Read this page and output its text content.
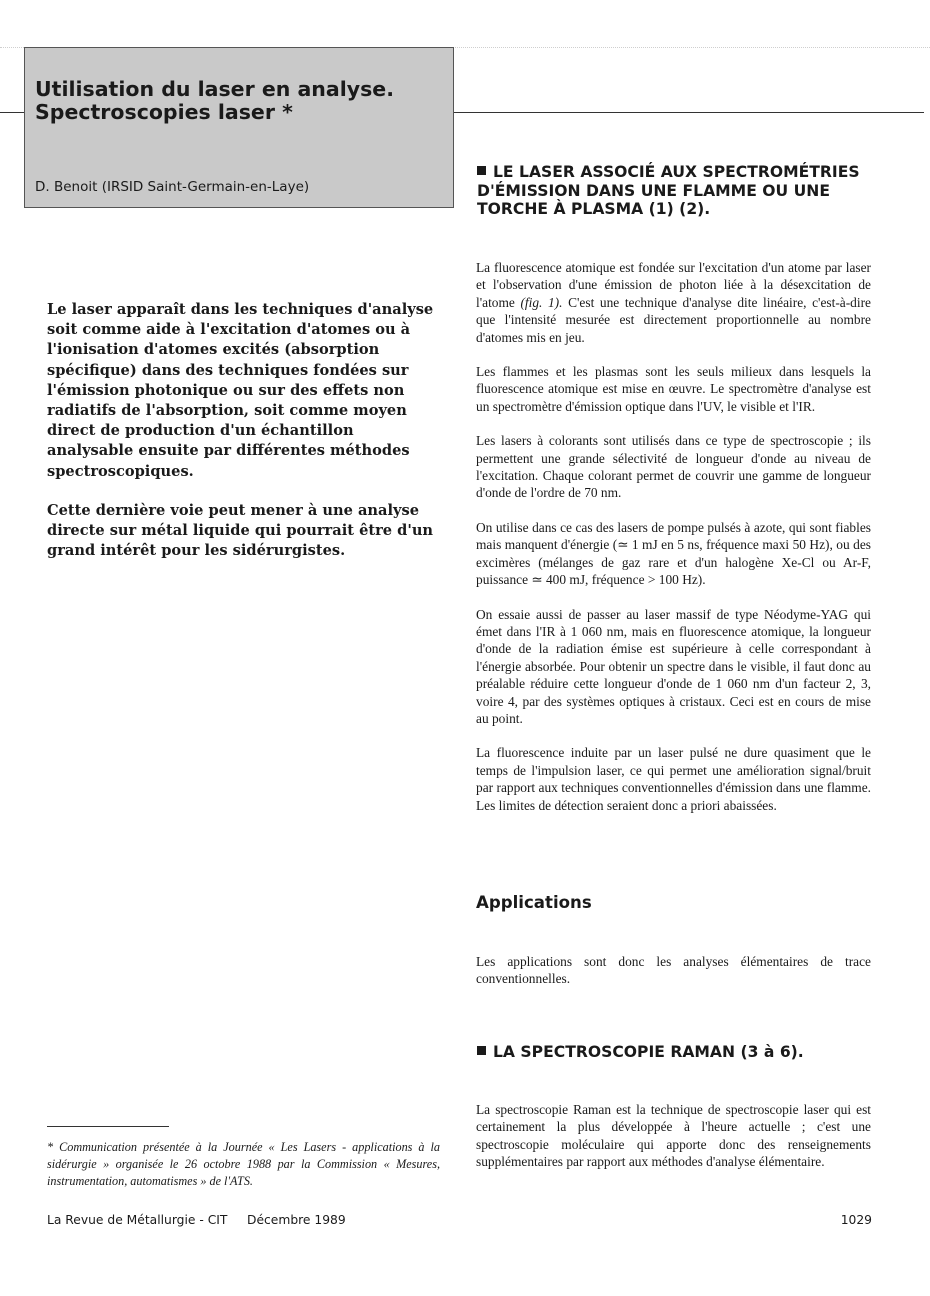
Utilisation du laser en analyse.
Spectroscopies laser *
D. Benoit (IRSID Saint-Germain-en-Laye)

Le laser apparaît dans les techniques d'analyse soit comme aide à l'excitation d'atomes ou à l'ionisation d'atomes excités (absorption spécifique) dans des techniques fondées sur l'émission photonique ou sur des effets non radiatifs de l'absorption, soit comme moyen direct de production d'un échantillon analysable ensuite par différentes méthodes spectroscopiques.

Cette dernière voie peut mener à une analyse directe sur métal liquide qui pourrait être d'un grand intérêt pour les sidérurgistes.

LE LASER ASSOCIÉ AUX SPECTROMÉTRIES D'ÉMISSION DANS UNE FLAMME OU UNE TORCHE À PLASMA (1) (2).

La fluorescence atomique est fondée sur l'excitation d'un atome par laser et l'observation d'une émission de photon liée à la désexcitation de l'atome (fig. 1). C'est une technique d'analyse dite linéaire, c'est-à-dire que l'intensité mesurée est directement proportionnelle au nombre d'atomes mis en jeu.

Les flammes et les plasmas sont les seuls milieux dans lesquels la fluorescence atomique est mise en œuvre. Le spectromètre d'analyse est un spectromètre d'émission optique dans l'UV, le visible et l'IR.

Les lasers à colorants sont utilisés dans ce type de spectroscopie ; ils permettent une grande sélectivité de longueur d'onde au niveau de l'excitation. Chaque colorant permet de couvrir une gamme de longueur d'onde de l'ordre de 70 nm.

On utilise dans ce cas des lasers de pompe pulsés à azote, qui sont fiables mais manquent d'énergie (≃ 1 mJ en 5 ns, fréquence maxi 50 Hz), ou des excimères (mélanges de gaz rare et d'un halogène Xe-Cl ou Ar-F, puissance ≃ 400 mJ, fréquence > 100 Hz).

On essaie aussi de passer au laser massif de type Néodyme-YAG qui émet dans l'IR à 1 060 nm, mais en fluorescence atomique, la longueur d'onde de la radiation émise est supérieure à celle correspondant à l'énergie absorbée. Pour obtenir un spectre dans le visible, il faut donc au préalable réduire cette longueur d'onde de 1 060 nm d'un facteur 2, 3, voire 4, par des systèmes optiques à cristaux. Ceci est en cours de mise au point.

La fluorescence induite par un laser pulsé ne dure quasiment que le temps de l'impulsion laser, ce qui permet une amélioration signal/bruit par rapport aux techniques conventionnelles d'émission dans une flamme. Les limites de détection seraient donc a priori abaissées.

Applications

Les applications sont donc les analyses élémentaires de trace conventionnelles.

LA SPECTROSCOPIE RAMAN (3 à 6).

La spectroscopie Raman est la technique de spectroscopie laser qui est certainement la plus développée à l'heure actuelle ; c'est une spectroscopie moléculaire qui apporte donc des renseignements supplémentaires par rapport aux méthodes d'analyse élémentaire.

* Communication présentée à la Journée « Les Lasers - applications à la sidérurgie » organisée le 26 octobre 1988 par la Commission « Mesures, instrumentation, automatismes » de l'ATS.
La Revue de Métallurgie - CIT Décembre 1989	1029
